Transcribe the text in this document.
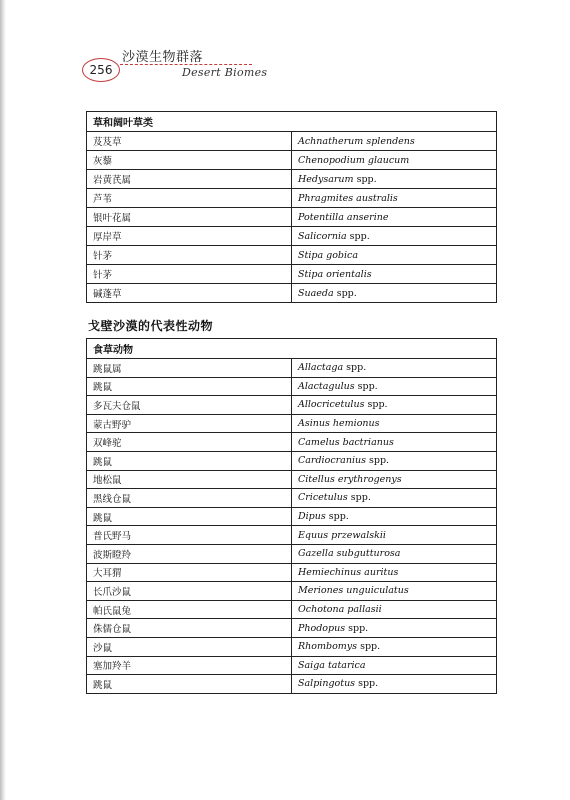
256
沙漠生物群落
Desert Biomes
草和阔叶草类	
芨芨草	Achnatherum splendens
灰藜	Chenopodium glaucum
岩黄芪属	Hedysarum spp.
芦苇	Phragmites australis
银叶花属	Potentilla anserine
厚岸草	Salicornia spp.
针茅	Stipa gobica
针茅	Stipa orientalis
碱蓬草	Suaeda spp.
戈壁沙漠的代表性动物
食草动物	
跳鼠属	Allactaga spp.
跳鼠	Alactagulus spp.
多瓦夫仓鼠	Allocricetulus spp.
蒙古野驴	Asinus hemionus
双峰驼	Camelus bactrianus
跳鼠	Cardiocranius spp.
地松鼠	Citellus erythrogenys
黑线仓鼠	Cricetulus spp.
跳鼠	Dipus spp.
普氏野马	Equus przewalskii
波斯瞪羚	Gazella subgutturosa
大耳猬	Hemiechinus auritus
长爪沙鼠	Meriones unguiculatus
帕氏鼠兔	Ochotona pallasii
侏儒仓鼠	Phodopus spp.
沙鼠	Rhombomys spp.
塞加羚羊	Saiga tatarica
跳鼠	Salpingotus spp.
